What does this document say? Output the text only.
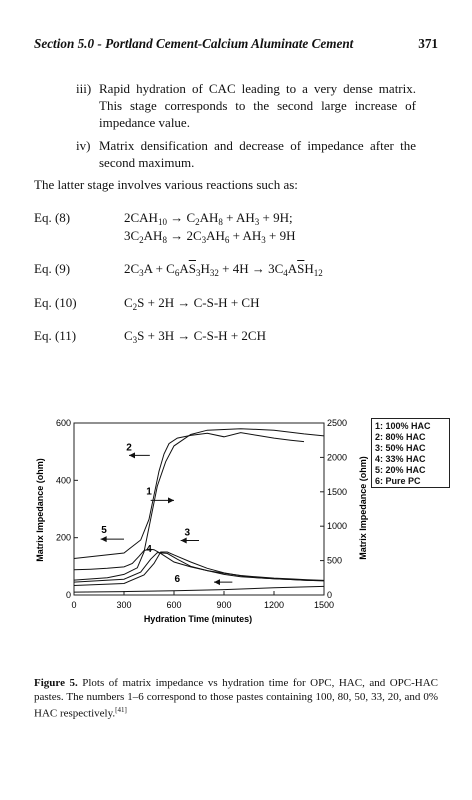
Section 5.0 - Portland Cement-Calcium Aluminate Cement	371
iii) Rapid hydration of CAC leading to a very dense matrix. This stage corresponds to the second large increase of impedance value.
iv) Matrix densification and decrease of impedance after the second maximum.
The latter stage involves various reactions such as:
Eq. (8)	$2CAH_{10} \to C_2AH_8 + AH_3 + 9H$;
$3C_2AH_8 \to 2C_3AH_6 + AH_3 + 9H$
Eq. (9)	$2C_3A + C_6A\overline{S}_3H_{32} + 4H \to 3C_4A\overline{S}H_{12}$
Eq. (10)	$C_2S + 2H \to C-S-H$ + CH
Eq. (11)	$C_3S + 3H \to C-S-H + 2CH$
0	300	600	900	1200	1500
0
200
400
600
0
500
1000
1500
2000
2500
1
2
3
4
5
6
Hydration Time (minutes)
Matrix Impedance (ohm)	Matrix Impedance (ohm)
1: 100% HAC
2: 80% HAC
3: 50% HAC
4: 33% HAC
5: 20% HAC
6: Pure PC
Figure 5. Plots of matrix impedance vs hydration time for OPC, HAC, and OPC-HAC pastes. The numbers 1–6 correspond to those pastes containing 100, 80, 50, 33, 20, and 0% HAC respectively.[41]
